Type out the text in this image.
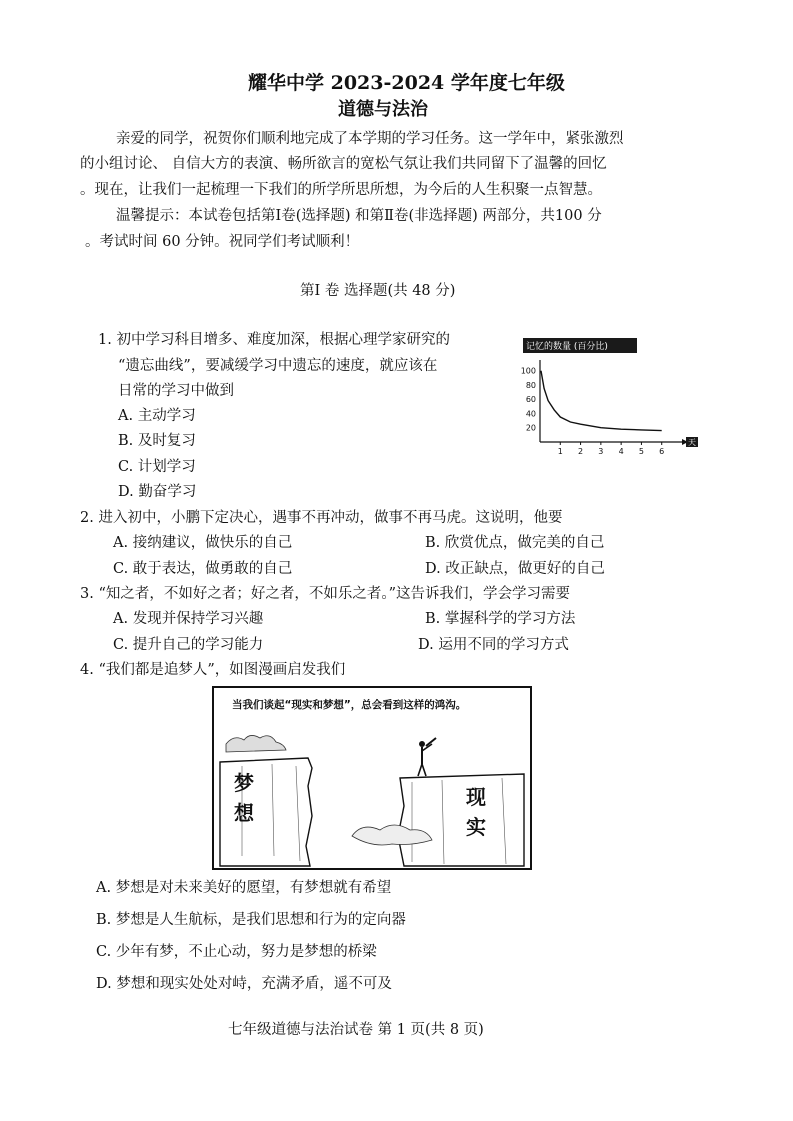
耀华中学 2023-2024 学年度七年级
道德与法治
亲爱的同学，祝贺你们顺利地完成了本学期的学习任务。这一学年中，紧张激烈
的小组讨论、 自信大方的表演、畅所欲言的宽松气氛让我们共同留下了温馨的回忆
。现在，让我们一起梳理一下我们的所学所思所想，为今后的人生积聚一点智慧。
温馨提示：本试卷包括第Ⅰ卷(选择题) 和第Ⅱ卷(非选择题) 两部分，共100 分
。考试时间 60 分钟。祝同学们考试顺利！
第Ⅰ 卷 选择题(共 48 分)
1. 初中学习科目增多、难度加深，根据心理学家研究的
“遗忘曲线”，要减缓学习中遗忘的速度，就应该在
日常的学习中做到
A. 主动学习
B. 及时复习
C. 计划学习
D. 勤奋学习
记忆的数量 (百分比)
天
20
40
60
80
100
1 2 3 4 5 6
2. 进入初中，小鹏下定决心，遇事不再冲动，做事不再马虎。这说明，他要
A. 接纳建议，做快乐的自己	B. 欣赏优点，做完美的自己
C. 敢于表达，做勇敢的自己	D. 改正缺点，做更好的自己
3. “知之者，不如好之者；好之者，不如乐之者。”这告诉我们，学会学习需要
A. 发现并保持学习兴趣	B. 掌握科学的学习方法
C. 提升自己的学习能力	D. 运用不同的学习方式
4. “我们都是追梦人”，如图漫画启发我们
当我们谈起“现实和梦想”，总会看到这样的鸿沟。
梦
想
现
实
A. 梦想是对未来美好的愿望，有梦想就有希望
B. 梦想是人生航标，是我们思想和行为的定向器
C. 少年有梦，不止心动，努力是梦想的桥梁
D. 梦想和现实处处对峙，充满矛盾，遥不可及
七年级道德与法治试卷 第 1 页(共 8 页)
